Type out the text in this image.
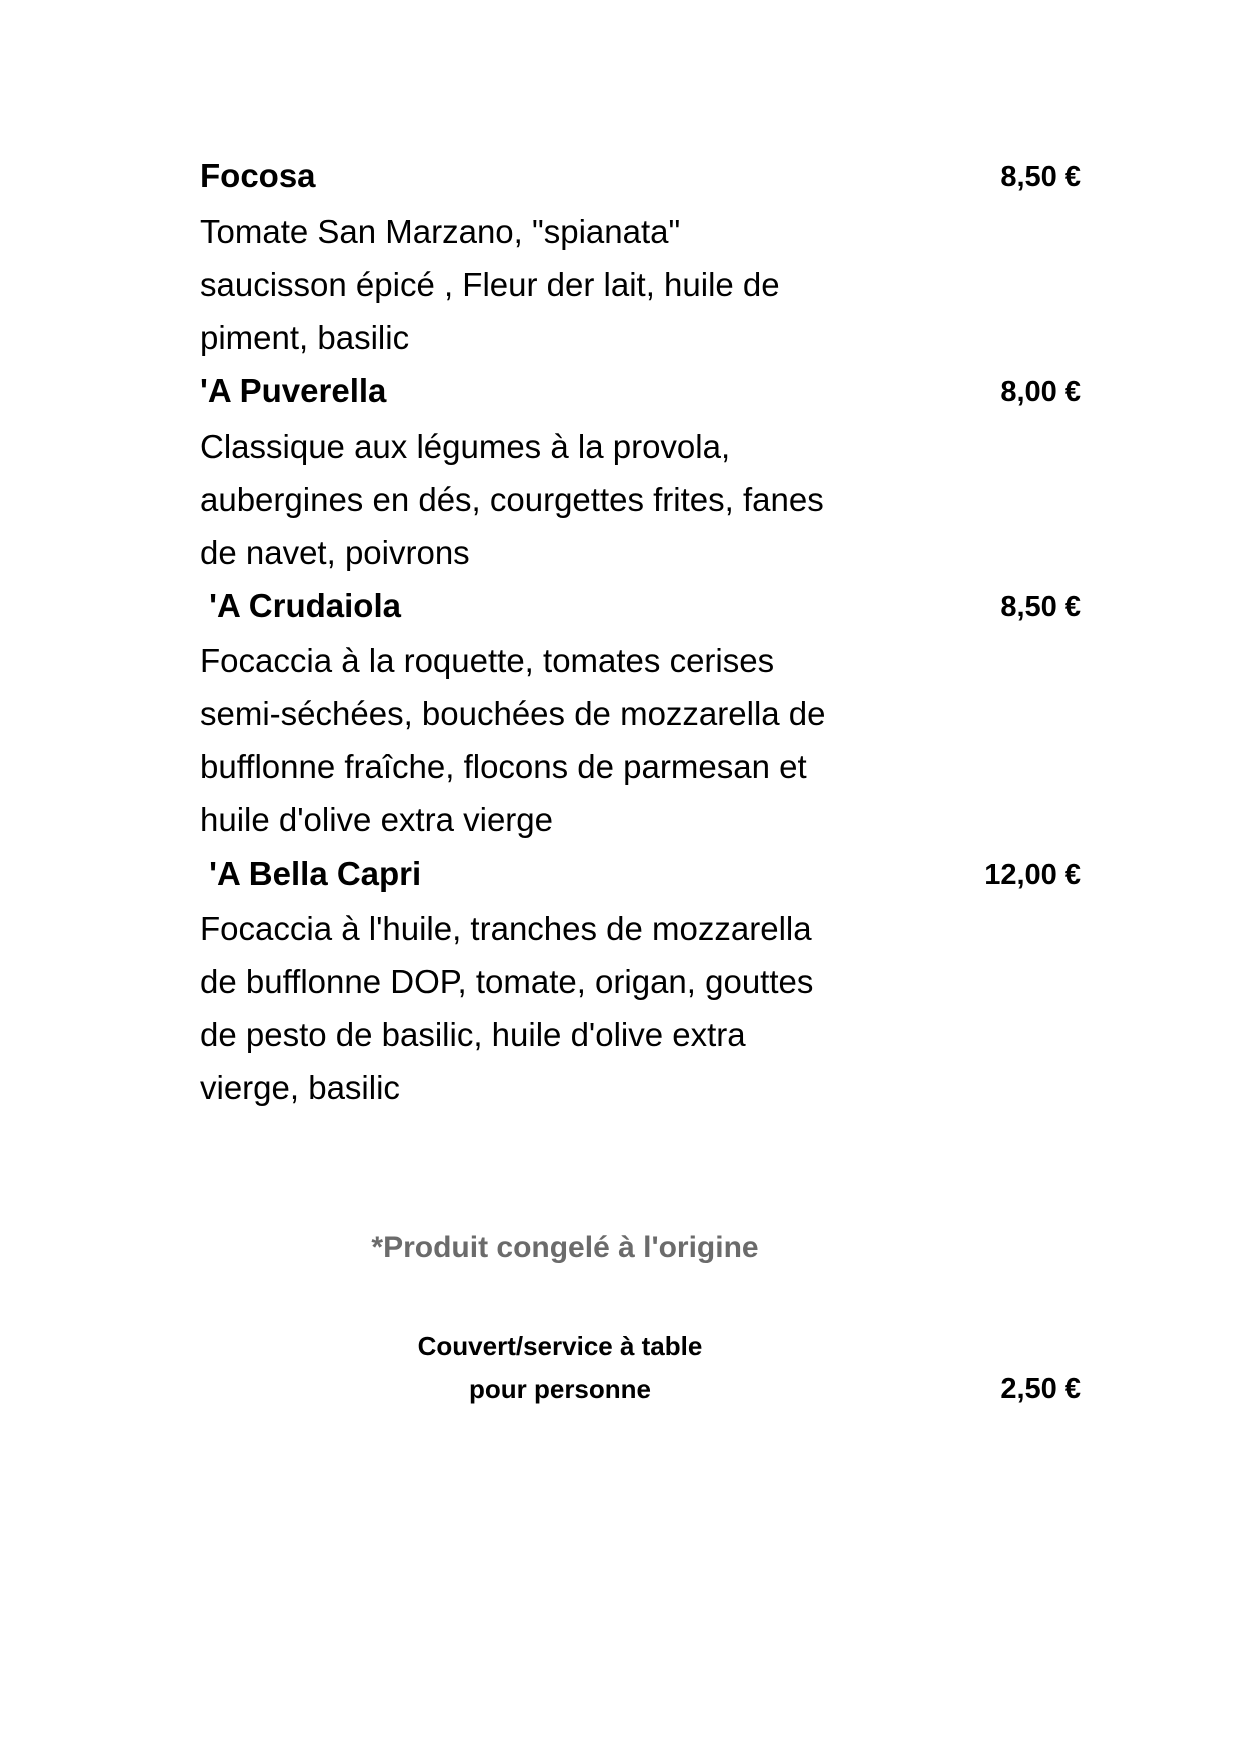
Focosa	8,50 €

Tomate San Marzano, "spianata"
saucisson épicé , Fleur der lait, huile de
piment, basilic

'A Puverella	8,00 €

Classique aux légumes à la provola,
aubergines en dés, courgettes frites, fanes
de navet, poivrons

'A Crudaiola	8,50 €

Focaccia à la roquette, tomates cerises
semi-séchées, bouchées de mozzarella de
bufflonne fraîche, flocons de parmesan et
huile d'olive extra vierge

'A Bella Capri	12,00 €

Focaccia à l'huile, tranches de mozzarella
de bufflonne DOP, tomate, origan, gouttes
de pesto de basilic, huile d'olive extra
vierge, basilic

*Produit congelé à l'origine
Couvert/service à table
pour personne	2,50 €
